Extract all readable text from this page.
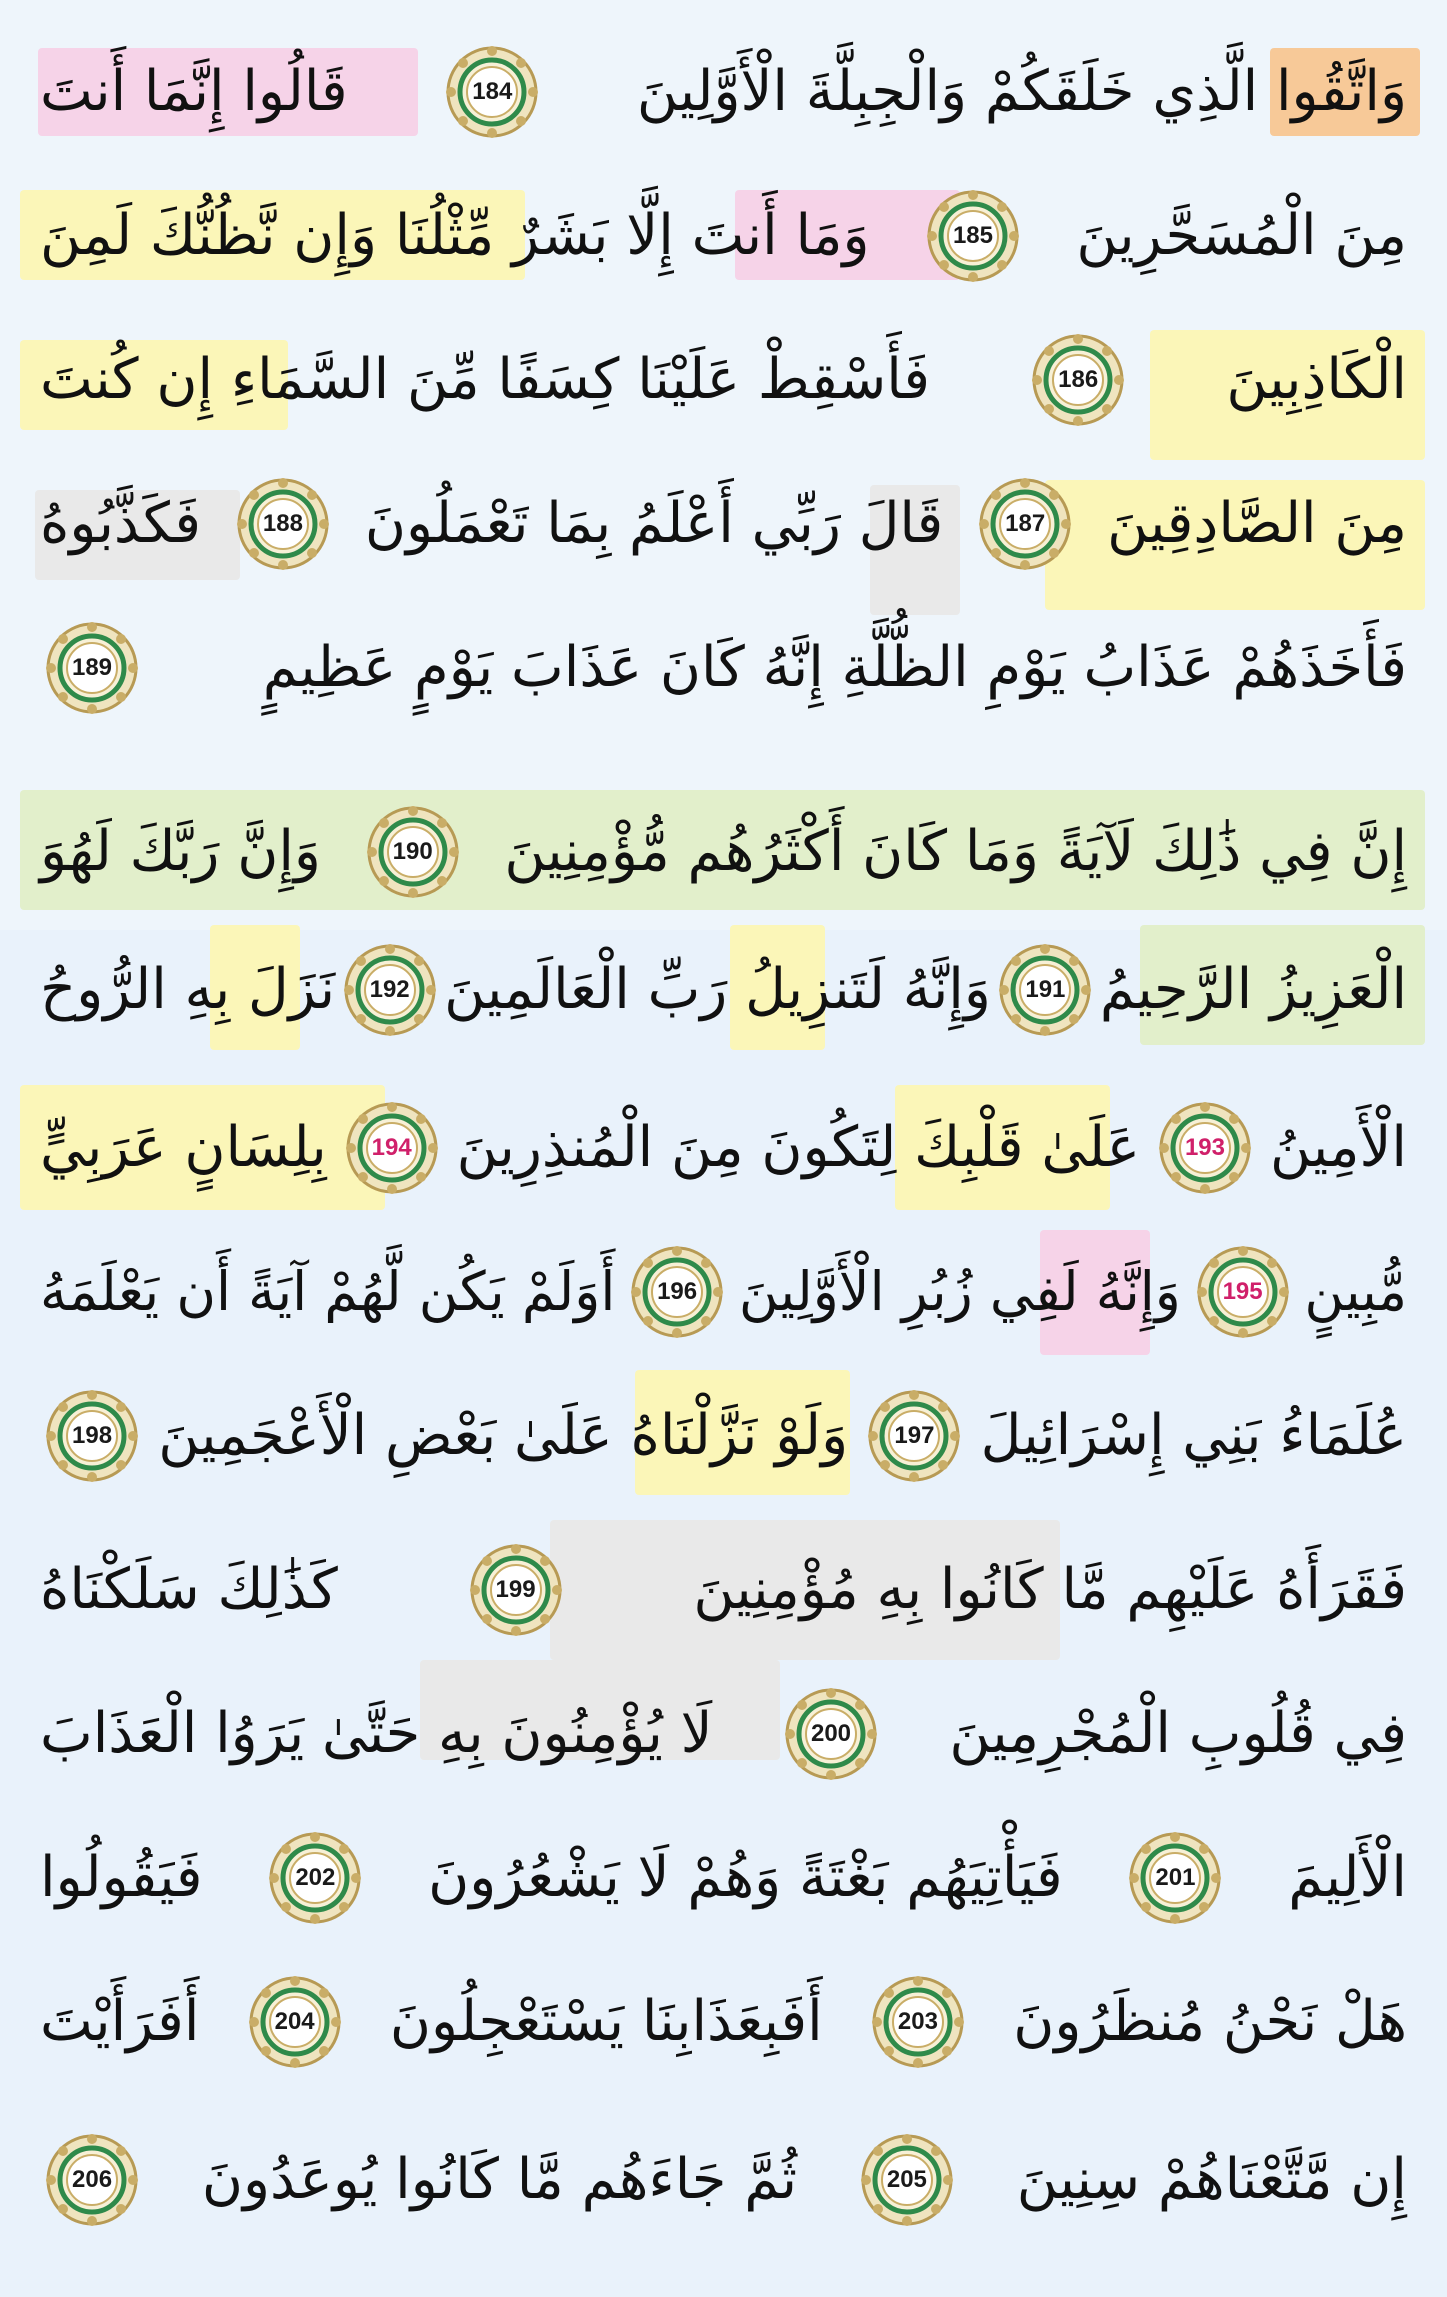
وَاتَّقُوا الَّذِي خَلَقَكُمْ وَالْجِبِلَّةَ الْأَوَّلِينَ
184
قَالُوا إِنَّمَا أَنتَ
مِنَ الْمُسَحَّرِينَ
185
وَمَا أَنتَ إِلَّا بَشَرٌ مِّثْلُنَا وَإِن نَّظُنُّكَ لَمِنَ
الْكَاذِبِينَ
186
فَأَسْقِطْ عَلَيْنَا كِسَفًا مِّنَ السَّمَاءِ إِن كُنتَ
مِنَ الصَّادِقِينَ
187
قَالَ رَبِّي أَعْلَمُ بِمَا تَعْمَلُونَ
188
فَكَذَّبُوهُ
فَأَخَذَهُمْ عَذَابُ يَوْمِ الظُّلَّةِ إِنَّهُ كَانَ عَذَابَ يَوْمٍ عَظِيمٍ
189
إِنَّ فِي ذَٰلِكَ لَآيَةً وَمَا كَانَ أَكْثَرُهُم مُّؤْمِنِينَ
190
وَإِنَّ رَبَّكَ لَهُوَ
الْعَزِيزُ الرَّحِيمُ
191
وَإِنَّهُ لَتَنزِيلُ رَبِّ الْعَالَمِينَ
192
نَزَلَ بِهِ الرُّوحُ
الْأَمِينُ
193
عَلَىٰ قَلْبِكَ لِتَكُونَ مِنَ الْمُنذِرِينَ
194
بِلِسَانٍ عَرَبِيٍّ
مُّبِينٍ
195
وَإِنَّهُ لَفِي زُبُرِ الْأَوَّلِينَ
196
أَوَلَمْ يَكُن لَّهُمْ آيَةً أَن يَعْلَمَهُ
عُلَمَاءُ بَنِي إِسْرَائِيلَ
197
وَلَوْ نَزَّلْنَاهُ عَلَىٰ بَعْضِ الْأَعْجَمِينَ
198
فَقَرَأَهُ عَلَيْهِم مَّا كَانُوا بِهِ مُؤْمِنِينَ
199
كَذَٰلِكَ سَلَكْنَاهُ
فِي قُلُوبِ الْمُجْرِمِينَ
200
لَا يُؤْمِنُونَ بِهِ حَتَّىٰ يَرَوُا الْعَذَابَ
الْأَلِيمَ
201
فَيَأْتِيَهُم بَغْتَةً وَهُمْ لَا يَشْعُرُونَ
202
فَيَقُولُوا
هَلْ نَحْنُ مُنظَرُونَ
203
أَفَبِعَذَابِنَا يَسْتَعْجِلُونَ
204
أَفَرَأَيْتَ
إِن مَّتَّعْنَاهُمْ سِنِينَ
205
ثُمَّ جَاءَهُم مَّا كَانُوا يُوعَدُونَ
206
